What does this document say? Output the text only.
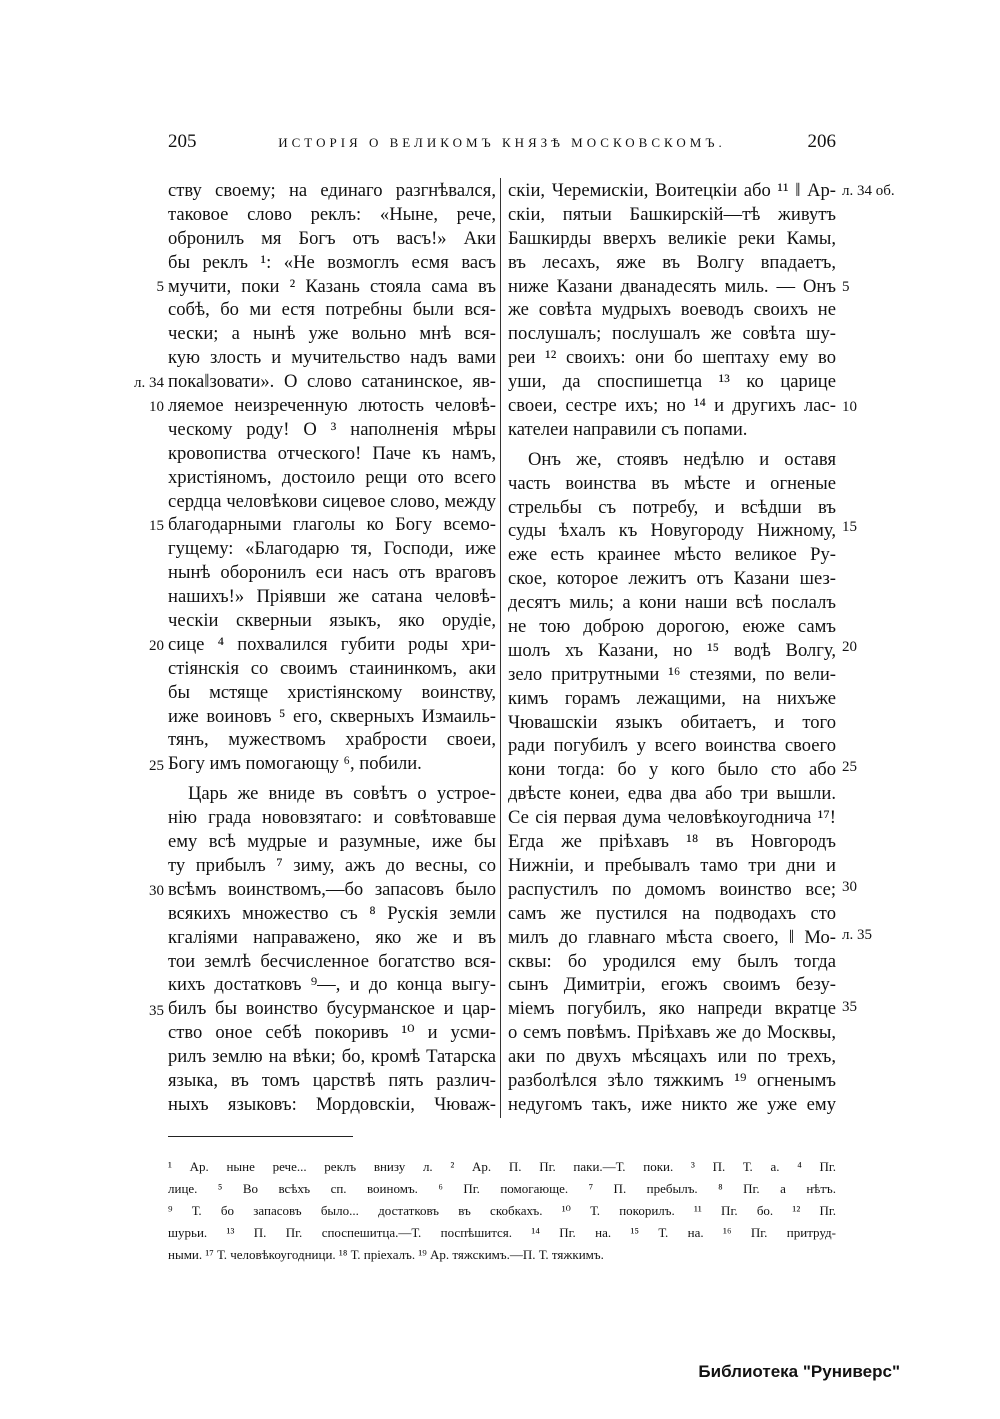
205	ИСТОРІЯ О ВЕЛИКОМЪ КНЯЗѢ МОСКОВСКОМЪ.	206
ству своему; на единаго разгнѣвался,
таковое слово реклъ: «Ныне, рече,
обронилъ мя Богъ отъ васъ!» Аки
бы реклъ ¹: «Не возмоглъ есмя васъ
мучити, поки ² Казань стояла сама въ
собѣ, бо ми естя потребны были вся-
чески; а нынѣ уже вольно мнѣ вся-
кую злость и мучительство надъ вами
пока‖зовати». О слово сатанинское, яв-
ляемое неизреченную лютость человѣ-
ческому роду! О ³ наполненія мѣры
кровопиства отческого! Паче къ намъ,
христіяномъ, достоило рещи ото всего
сердца человѣкови сицевое слово, между
благодарными глаголы ко Богу всемо-
гущему: «Благодарю тя, Господи, иже
нынѣ оборонилъ еси насъ отъ враговъ
нашихъ!» Пріявши же сатана человѣ-
ческіи скверныи языкъ, яко орудіе,
сице ⁴ похвалился губити роды хри-
стіянскія со своимъ стаининкомъ, аки
бы мстяще христіянскому воинству,
иже воиновъ ⁵ его, скверныхъ Измаиль-
тянъ, мужествомъ храбрости своеи,
Богу имъ помогающу ⁶, побили.
Царь же вниде въ совѣтъ о устрое-
нію града нововзятаго: и совѣтовавше
ему всѣ мудрые и разумные, иже бы
ту прибылъ ⁷ зиму, ажъ до весны, со
всѣмъ воинствомъ,—бо запасовъ было
всякихъ множество съ ⁸ Рускія земли
кгаліями направажено, яко же и въ
тои землѣ бесчисленное богатство вся-
кихъ достатковъ ⁹—, и до конца выгу-
билъ бы воинство бусурманское и цар-
ство оное себѣ покоривъ ¹⁰ и усми-
рилъ землю на вѣки; бо, кромѣ Татарска
языка, въ томъ царствѣ пять различ-
ныхъ языковъ: Мордовскіи, Чюваж-
скіи, Черемискіи, Воитецкіи або ¹¹ ‖ Ар-
скіи, пятыи Башкирскій—тѣ живутъ
Башкирды вверхъ великіе реки Камы,
въ лесахъ, яже въ Волгу впадаетъ,
ниже Казани дванадесять миль. — Онъ
же совѣта мудрыхъ воеводъ своихъ не
послушалъ; послушалъ же совѣта шу-
реи ¹² своихъ: они бо шептаху ему во
уши, да споспишетца ¹³ ко царице
своеи, сестре ихъ; но ¹⁴ и другихъ лас-
кателеи направили съ попами.
Онъ же, стоявъ недѣлю и оставя
часть воинства въ мѣсте и огненые
стрельбы съ потребу, и всѣдши въ
суды ѣхалъ къ Новугороду Нижному,
еже есть краинее мѣсто великое Ру-
ское, которое лежитъ отъ Казани шез-
десятъ миль; а кони наши всѣ послалъ
не тою доброю дорогою, еюже самъ
шолъ хъ Казани, но ¹⁵ водѣ Волгу,
зело притрутными ¹⁶ стезями, по вели-
кимъ горамъ лежащими, на нихъже
Чювашскіи языкъ обитаетъ, и того
ради погубилъ у всего воинства своего
кони тогда: бо у кого было сто або
двѣсте конеи, едва два або три вышли.
Се сія первая дума человѣкоугодничa ¹⁷!
Егда же пріѣхавъ ¹⁸ въ Новгородъ
Нижніи, и пребывалъ тамо три дни и
распустилъ по домомъ воинство все;
самъ же пустился на подводахъ сто
милъ до главнаго мѣста своего, ‖ Мо-
сквы: бо уродился ему былъ тогда
сынъ Димитріи, егожъ своимъ безу-
міемъ погубилъ, яко напреди вкратце
о семъ повѣмъ. Пріѣхавъ же до Москвы,
аки по двухъ мѣсяцахъ или по трехъ,
разболѣлся зѣло тяжкимъ ¹⁹ огненымъ
недугомъ такъ, иже никто же уже ему
5
л. 34
10
15
20
25
30
35
л. 34 об.
5
10
15
20
25
30
л. 35
35
¹ Ар. ныне рече... реклъ внизу л. ² Ар. П. Пг. паки.—Т. поки. ³ П. Т. а. ⁴ Пг.
лице. ⁵ Во всѣхъ сп. воиномъ. ⁶ Пг. помогающе. ⁷ П. пребылъ. ⁸ Пг. а нѣтъ.
⁹ Т. бо запасовъ было... достатковъ въ скобкахъ. ¹⁰ Т. покорилъ. ¹¹ Пг. бо. ¹² Пг.
шурьи. ¹³ П. Пг. споспешитца.—Т. поспѣшится. ¹⁴ Пг. на. ¹⁵ Т. на. ¹⁶ Пг. притруд-
ными. ¹⁷ Т. человѣкоугодници. ¹⁸ Т. пріехалъ. ¹⁹ Ар. тяжскимъ.—П. Т. тяжкимъ.
Библиотека "Руниверс"
